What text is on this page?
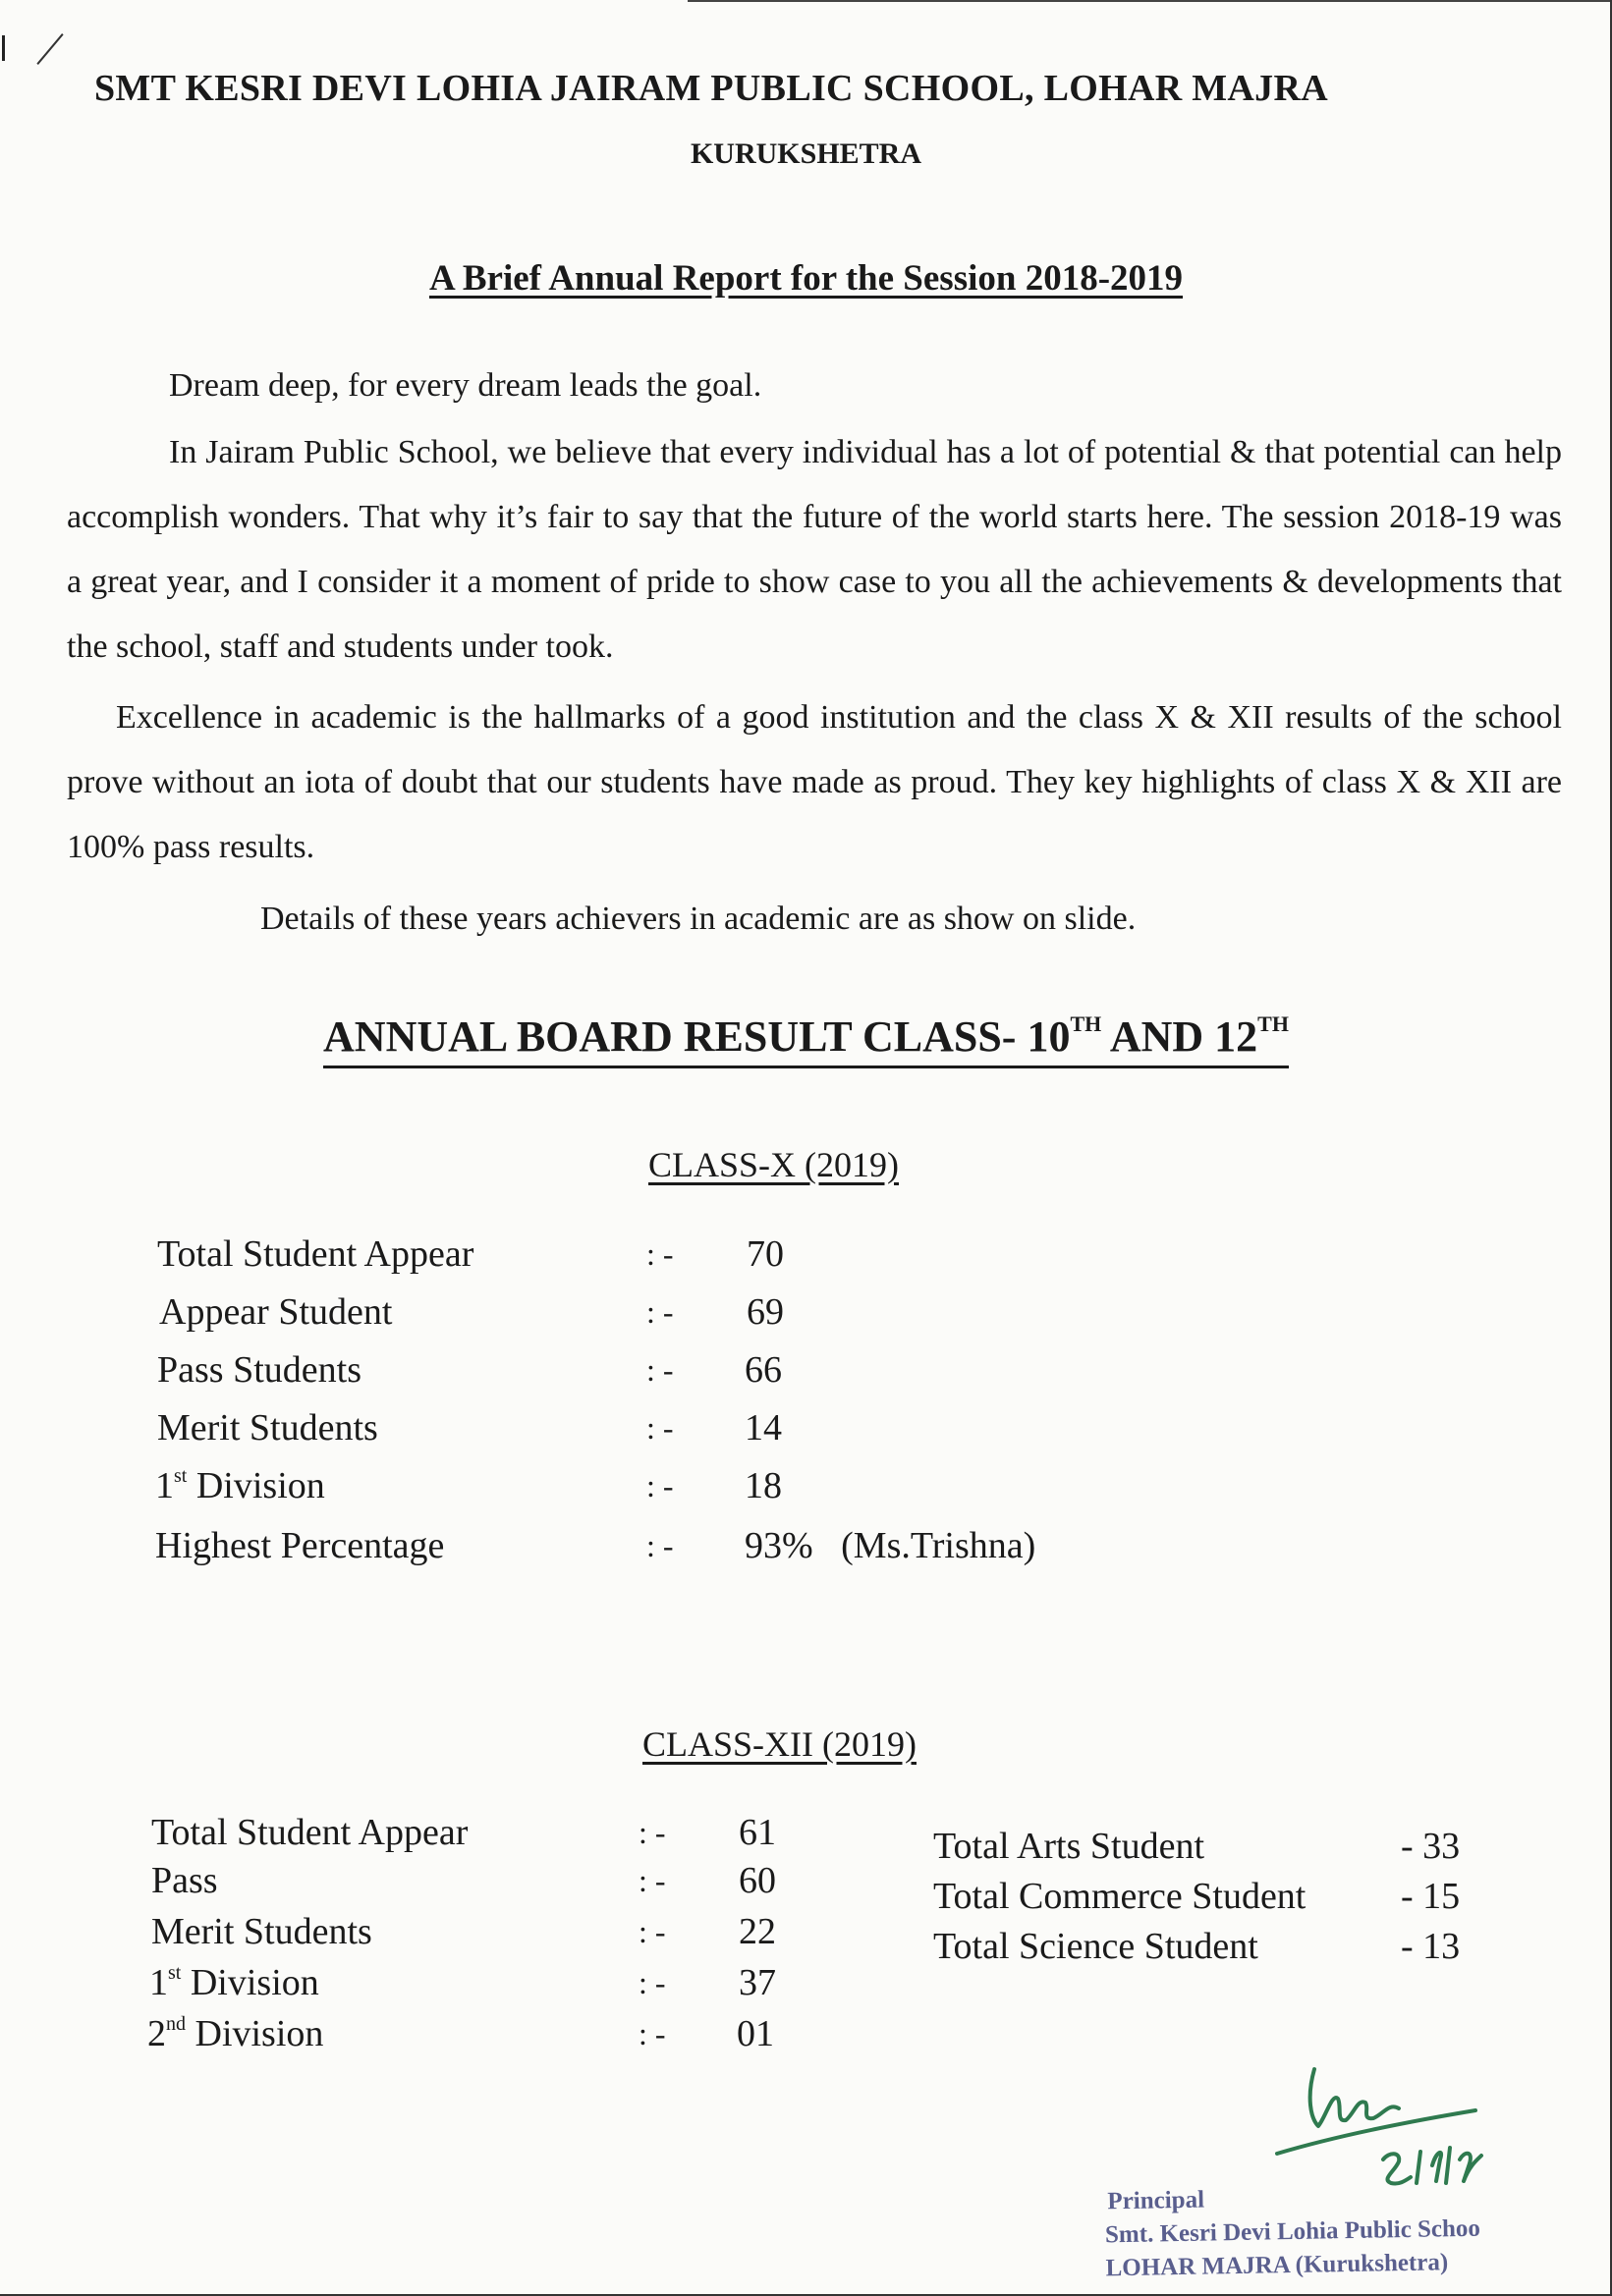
SMT KESRI DEVI LOHIA JAIRAM PUBLIC SCHOOL, LOHAR MAJRA
KURUKSHETRA
A Brief Annual Report for the Session 2018-2019
Dream deep, for every dream leads the goal.
In Jairam Public School, we believe that every individual has a lot of potential & that potential can help accomplish wonders. That why it’s fair to say that the future of the world starts here. The session 2018-19 was a great year, and I consider it a moment of pride to show case to you all the achievements & developments that the school, staff and students under took.
Excellence in academic is the hallmarks of a good institution and the class X & XII results of the school prove without an iota of doubt that our students have made as proud. They key highlights of class X & XII are 100% pass results.
Details of these years achievers in academic are as show on slide.
ANNUAL BOARD RESULT CLASS- 10TH AND 12TH
CLASS-X (2019)
Total Student Appear	: - 70
Appear Student	: - 69
Pass Students	: - 66
Merit Students	: - 14
1st Division	: - 18
Highest Percentage	: - 93%   (Ms.Trishna)
CLASS-XII (2019)
Total Student Appear	: - 61
Pass	: - 60
Merit Students	: - 22
1st Division	: - 37
2nd Division	: - 01
Total Arts Student	- 33
Total Commerce Student	- 15
Total Science Student	- 13
Principal
Smt. Kesri Devi Lohia Public Schoo
LOHAR MAJRA (Kurukshetra)
